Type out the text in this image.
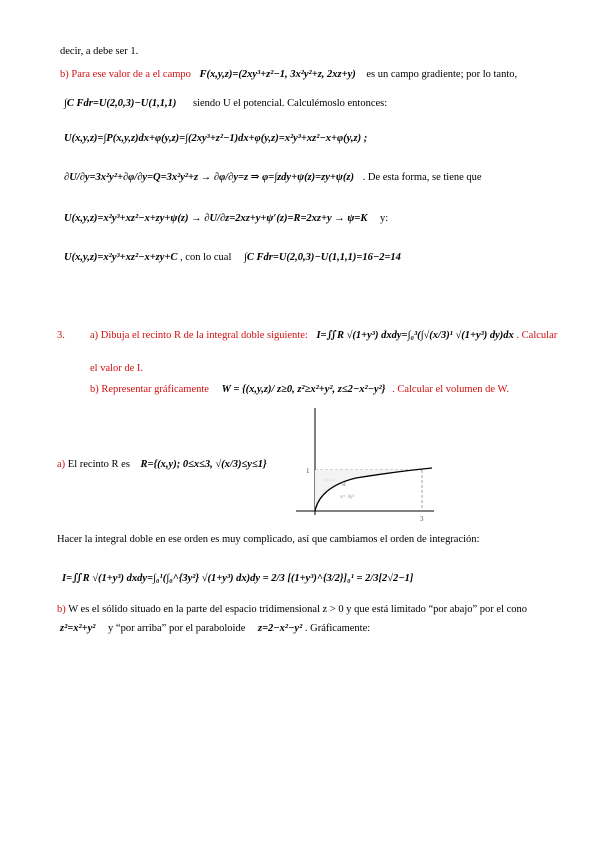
decir, a debe ser 1.
b) Para ese valor de a el campo F(x,y,z)=(2xy³+z²−1, 3x²y²+z, 2xz+y) es un campo gradiente; por lo tanto,
∫C Fdr=U(2,0,3)−U(1,1,1) siendo U el potencial. Calculémoslo entonces:
U(x,y,z)=∫P(x,y,z)dx+φ(y,z)=∫(2xy³+z²−1)dx+φ(y,z)=x²y³+xz²−x+φ(y,z) ;
∂U/∂y=3x²y²+∂φ/∂y=Q=3x²y²+z → ∂φ/∂y=z ⇒ φ=∫zdy+ψ(z)=zy+ψ(z) . De esta forma, se tiene que
U(x,y,z)=x²y³+xz²−x+zy+ψ(z) → ∂U/∂z=2xz+y+ψ′(z)=R=2xz+y → ψ=K y:
U(x,y,z)=x²y³+xz²−x+zy+C , con lo cual ∫C Fdr=U(2,0,3)−U(1,1,1)=16−2=14
3. a) Dibuja el recinto R de la integral doble siguiente: I=∬R √(1+y³) dxdy=∫₀³(∫√(x/3)¹ √(1+y³) dy)dx . Calcular
el valor de I.
b) Representar gráficamente W = {(x,y,z)/ z≥0, z²≥x²+y², z≤2−x²−y²} . Calcular el volumen de W.
a) El recinto R es R={(x,y); 0≤x≤3, √(x/3)≤y≤1}
1
3
R
x= 3y²
Hacer la integral doble en ese orden es muy complicado, así que cambiamos el orden de integración:
I=∬R √(1+y³) dxdy=∫₀¹(∫₀^{3y²} √(1+y³) dx)dy = 2/3 [(1+y³)^{3/2}]₀¹ = 2/3[2√2−1]
b) W es el sólido situado en la parte del espacio tridimensional z > 0 y que está limitado “por abajo” por el cono
z²=x²+y² y “por arriba” por el paraboloide z=2−x²−y² . Gráficamente:
